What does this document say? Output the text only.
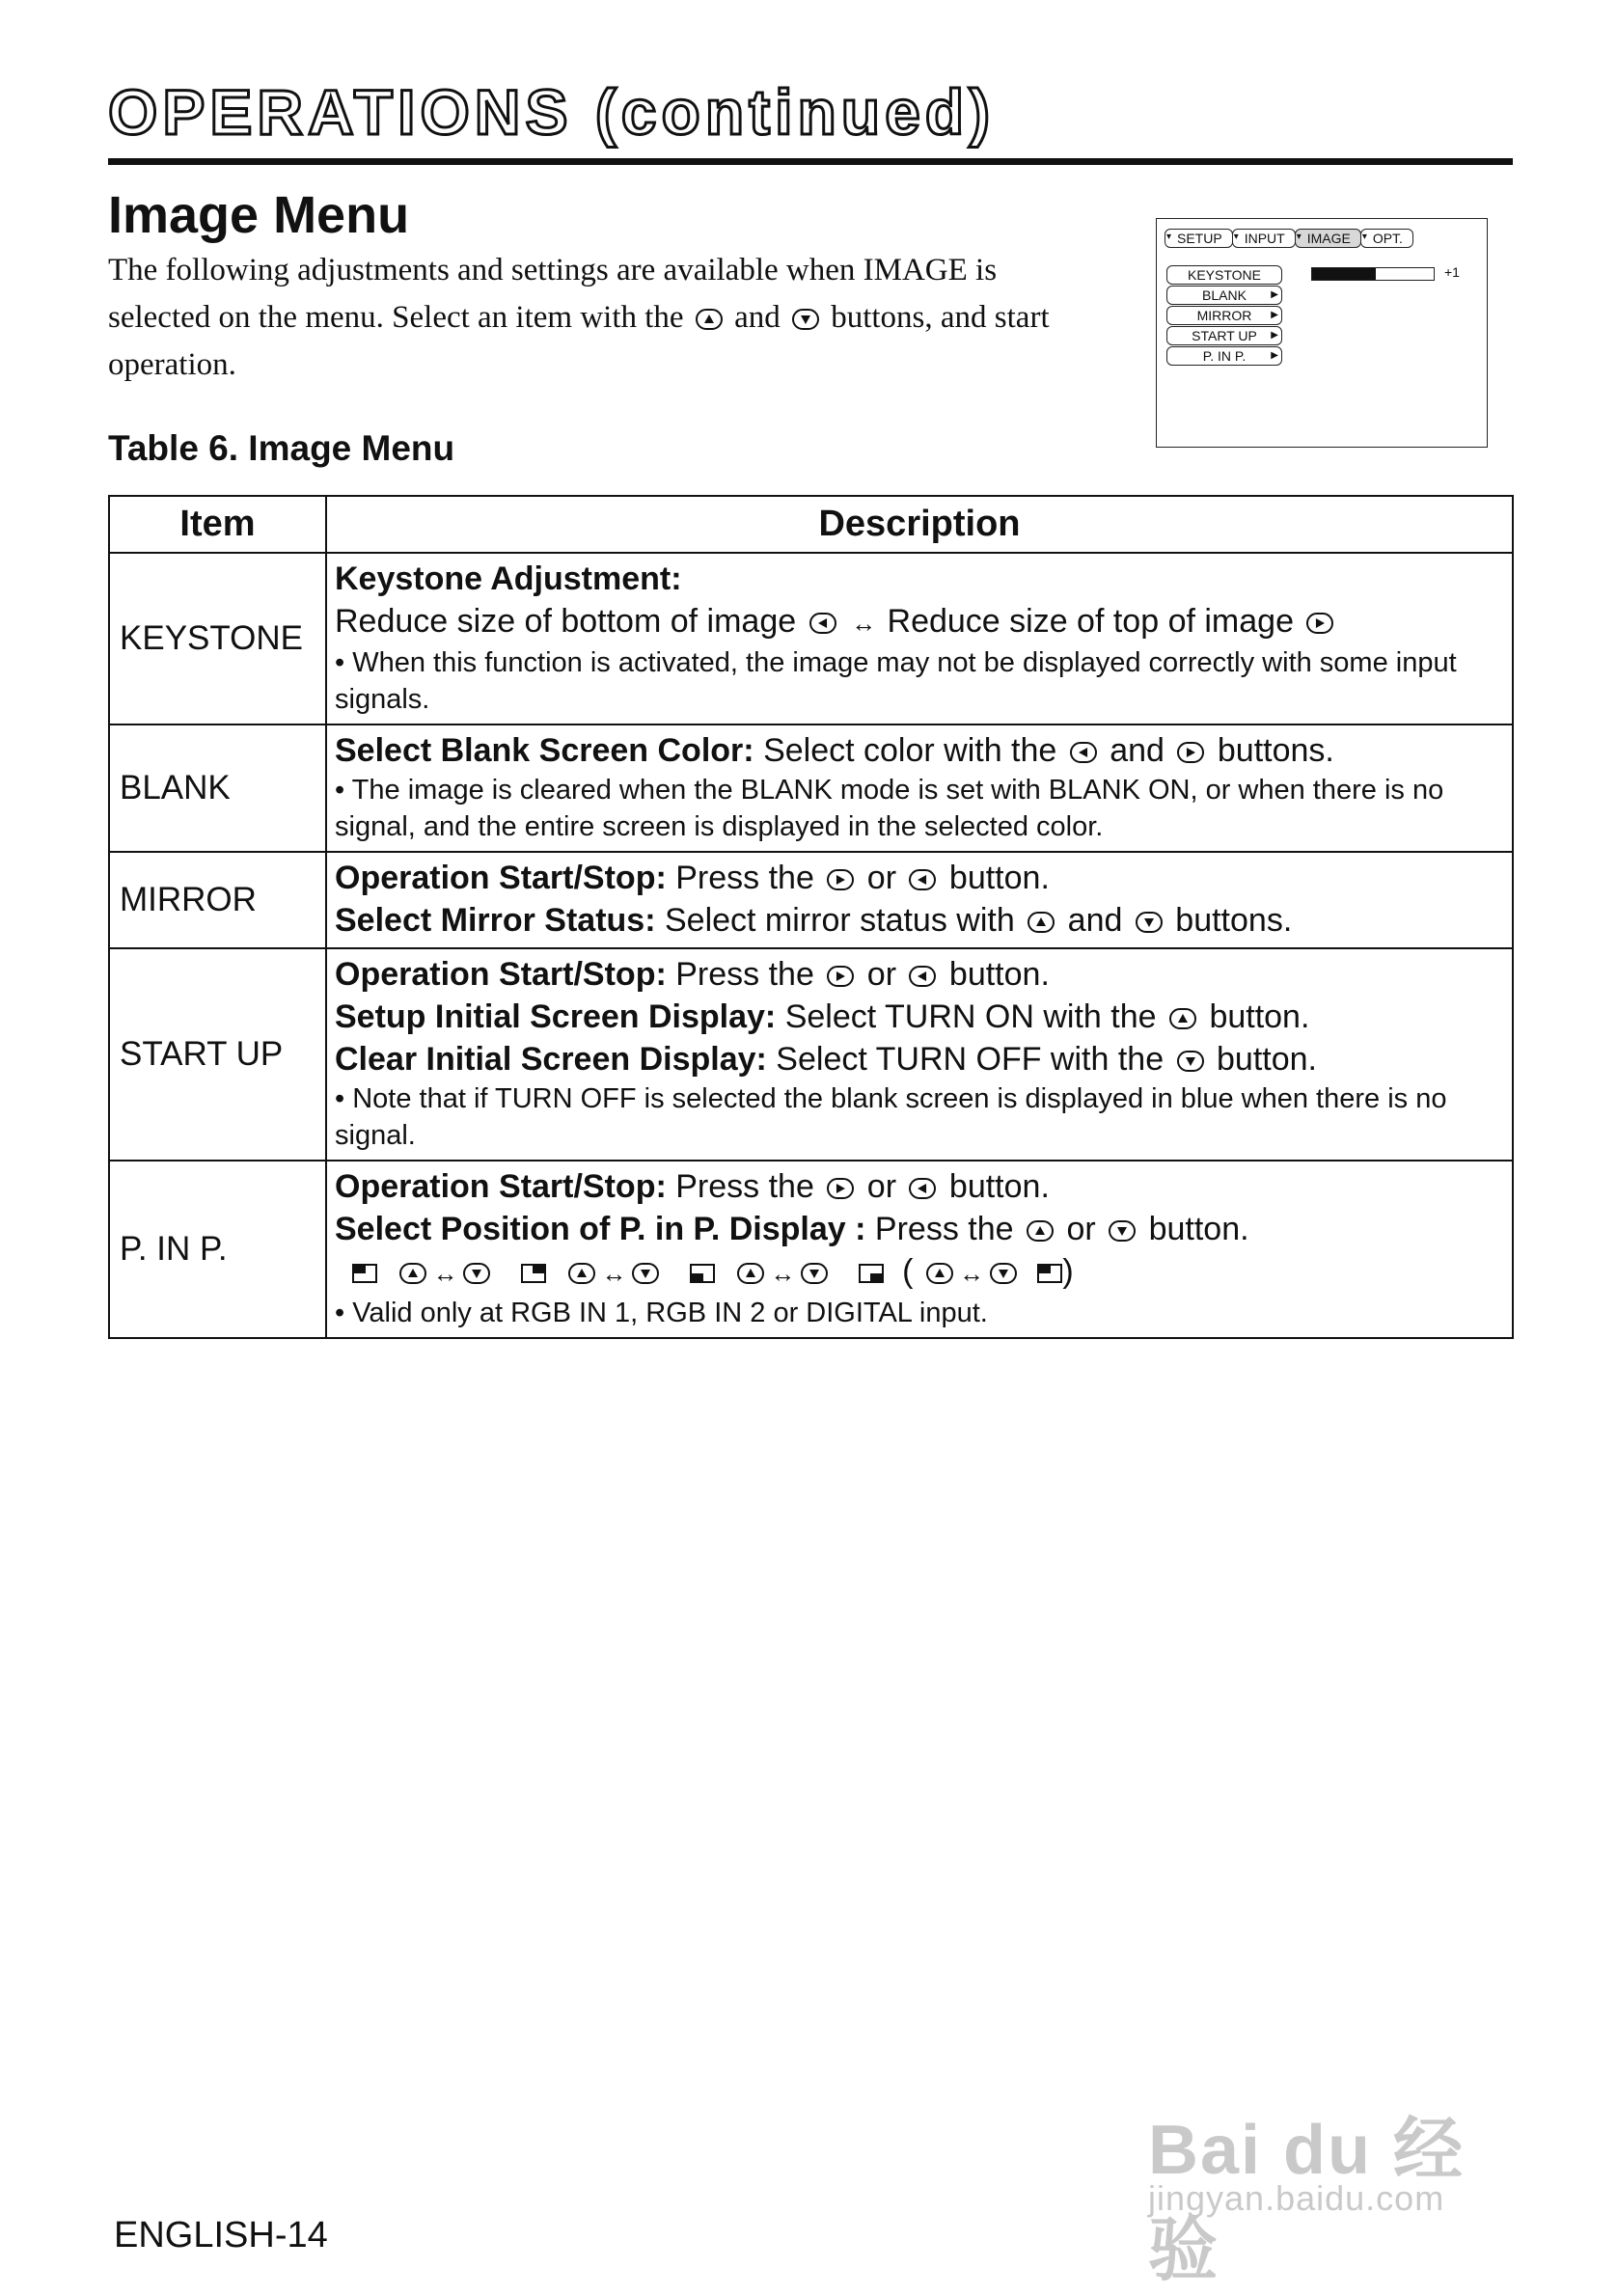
OPERATIONS (continued)
Image Menu
The following adjustments and settings are available when IMAGE is selected on the menu. Select an item with the and buttons, and start operation.
▾ SETUP	▾ INPUT	▾ IMAGE	▾ OPT.
KEYSTONE
BLANK	▶
MIRROR ▶
START UP ▶
P. IN P.	▶
+1
Table 6. Image Menu
Item	Description
KEYSTONE	Keystone Adjustment:
Reduce size of bottom of image ↔ Reduce size of top of image
• When this function is activated, the image may not be displayed correctly with some input signals.

BLANK	Select Blank Screen Color: Select color with the and buttons.
• The image is cleared when the BLANK mode is set with BLANK ON, or when there is no signal, and the entire screen is displayed in the selected color.

MIRROR	Operation Start/Stop: Press the or button.
Select Mirror Status: Select mirror status with and buttons.

START UP	Operation Start/Stop: Press the or button.
Setup Initial Screen Display: Select TURN ON with the button.
Clear Initial Screen Display: Select TURN OFF with the button.
• Note that if TURN OFF is selected the blank screen is displayed in blue when there is no signal.

P. IN P.	Operation Start/Stop: Press the or button.
Select Position of P. in P. Display : Press the or button.
↔ ↔ ↔ ( ↔ )
• Valid only at RGB IN 1, RGB IN 2 or DIGITAL input.
Bai du 经验
jingyan.baidu.com
ENGLISH-14
